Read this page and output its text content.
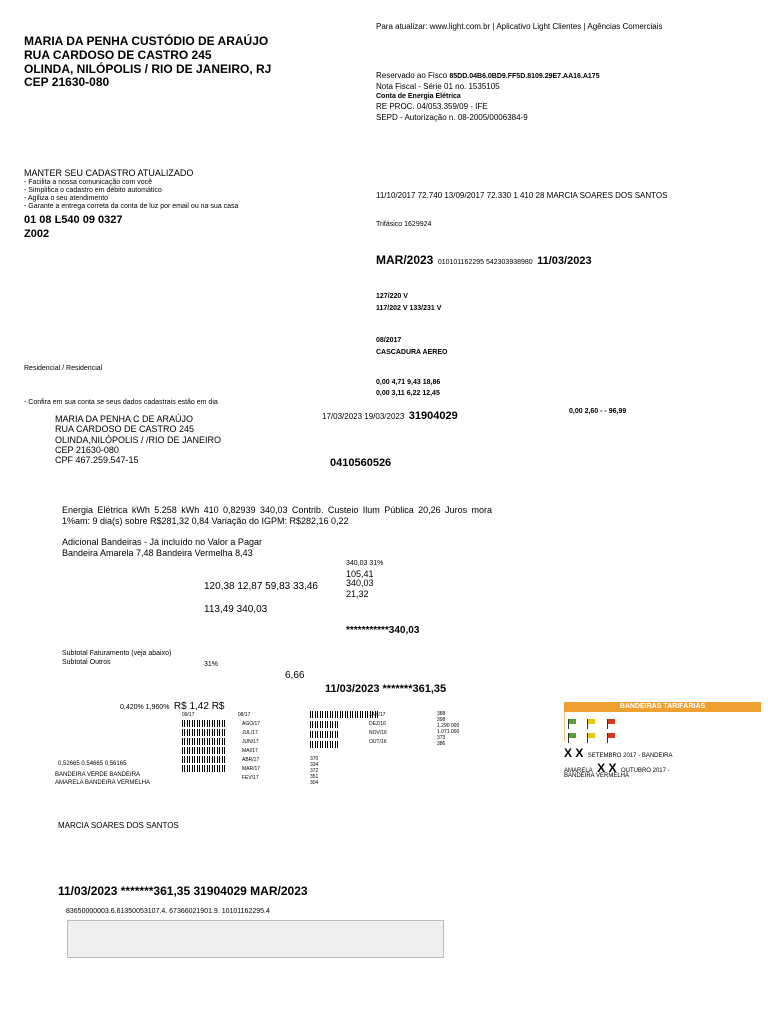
MARIA DA PENHA CUSTÓDIO DE ARAÚJO
RUA CARDOSO DE CASTRO 245
OLINDA, NILÓPOLIS / RIO DE JANEIRO, RJ
CEP 21630-080
Para atualizar: www.light.com.br | Aplicativo Light Clientes | Agências Comerciais
Reservado ao Fisco 85DD.04B6.0BD9.FF5D.8109.29E7.AA16.A175
Nota Fiscal - Série 01 no. 1535105
Conta de Energia Elétrica
RE PROC. 04/053.359/09 - IFE
SEPD - Autorização n. 08-2005/0006384-9
MANTER SEU CADASTRO ATUALIZADO
- Facilita a nossa comunicação com você
- Simplifica o cadastro em débito automático
- Agiliza o seu atendimento
- Garante a entrega correta da conta de luz por email ou na sua casa
01 08 L540 09 0327
Z002
11/10/2017 72.740 13/09/2017 72.330 1 410 28 MARCIA SOARES DOS SANTOS
Trifásico 1629924
MAR/2023 010101162295 542303938980 11/03/2023
127/220 V
117/202 V 133/231 V
08/2017
CASCADURA AEREO
Residencial / Residencial
0,00 4,71 9,43 18,86
0,00 3,11 6,22 12,45
0,00 2,60 - - 96,99
- Confira em sua conta se seus dados cadastrais estão em dia
MARIA DA PENHA C DE ARAÚJO
RUA CARDOSO DE CASTRO 245
OLINDA,NILÓPOLIS / /RIO DE JANEIRO
CEP 21630-080
CPF 467.259.547-15
17/03/2023 19/03/2023 31904029
0410560526
Energia Elétrica kWh 5.258 kWh 410 0,82939 340,03 Contrib. Custeio Ilum Pública 20,26 Juros mora 1%am: 9 dia(s) sobre R$281,32 0,84 Variação do IGPM: R$282,16 0,22
Adicional Bandeiras - Já incluído no Valor a Pagar
Bandeira Amarela 7,48 Bandeira Vermelha 8,43
340,03 31%
105,41
340,03
21,32
120,38 12,87 59,83 33,46
113,49 340,03
***********340,03
Subtotal Faturamento (veja abaixo)
Subtotal Outros	31%
6,66
11/03/2023 *******361,35
0,420% 1,960% R$ 1,42 R$
09/17	08/17
AGO/17
JUL/17
JUN/17
MAI/17
ABR/17
MAR/17
FEV/17

370
334
372
351
304

JAN/17
DEZ/16
NOV/16
OUT/16
388
398
1.290 000
1.071 000
373
386
0,52665 0,54665 0,56165
BANDEIRA VERDE BANDEIRA AMARELA BANDEIRA VERMELHA
BANDEIRAS TARIFÁRIAS

X X SETEMBRO 2017 - BANDEIRA
AMARELA X X OUTUBRO 2017 -
BANDEIRA VERMELHA
MARCIA SOARES DOS SANTOS
11/03/2023 *******361,35 31904029 MAR/2023
83650000003.6.61350053107.4. 67366021901.9. 10101162295.4
